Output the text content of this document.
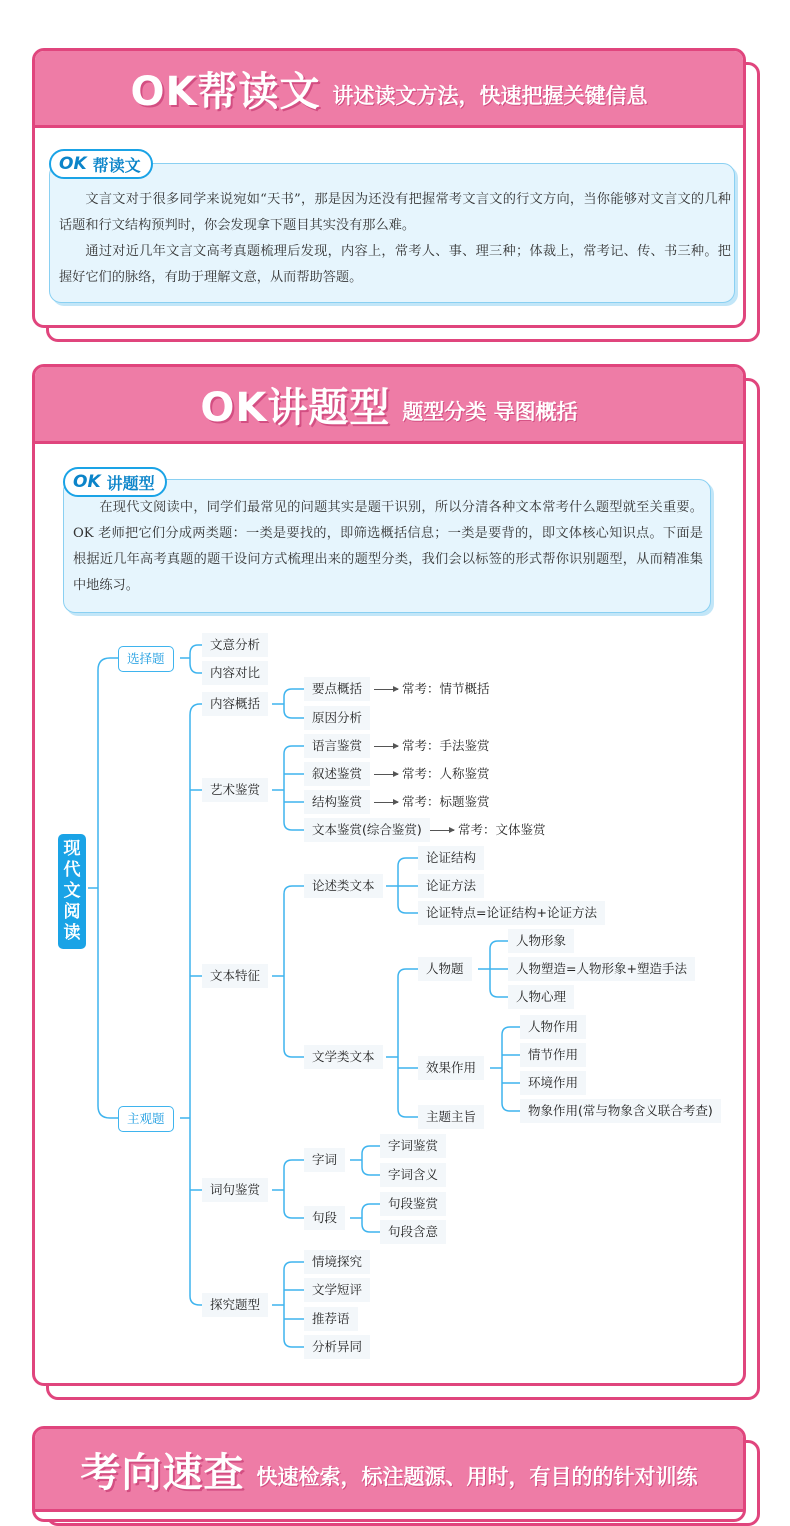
OK帮读文 讲述读文方法，快速把握关键信息
OK 帮读文

文言文对于很多同学来说宛如“天书”，那是因为还没有把握常考文言文的行文方向，当你能够对文言文的几种话题和行文结构预判时，你会发现拿下题目其实没有那么难。

通过对近几年文言文高考真题梳理后发现，内容上，常考人、事、理三种；体裁上，常考记、传、书三种。把握好它们的脉络，有助于理解文意，从而帮助答题。

OK讲题型 题型分类 导图概括
OK 讲题型

在现代文阅读中，同学们最常见的问题其实是题干识别，所以分清各种文本常考什么题型就至关重要。OK 老师把它们分成两类题：一类是要找的，即筛选概括信息；一类是要背的，即文体核心知识点。下面是根据近几年高考真题的题干设问方式梳理出来的题型分类，我们会以标签的形式帮你识别题型，从而精准集中地练习。

现代文阅读
选择题
文意分析
内容对比
主观题
内容概括
要点概括	常考：情节概括
原因分析
艺术鉴赏
语言鉴赏	常考：手法鉴赏
叙述鉴赏	常考：人称鉴赏
结构鉴赏	常考：标题鉴赏
文本鉴赏(综合鉴赏)	常考：文体鉴赏
文本特征
论述类文本
论证结构
论证方法
论证特点=论证结构+论证方法
文学类文本
人物题
人物形象
人物塑造=人物形象+塑造手法
人物心理
效果作用
人物作用
情节作用
环境作用
物象作用(常与物象含义联合考查)
主题主旨
词句鉴赏
字词
字词鉴赏
字词含义
句段
句段鉴赏
句段含意
探究题型
情境探究
文学短评
推荐语
分析异同
考向速查 快速检索，标注题源、用时，有目的的针对训练
